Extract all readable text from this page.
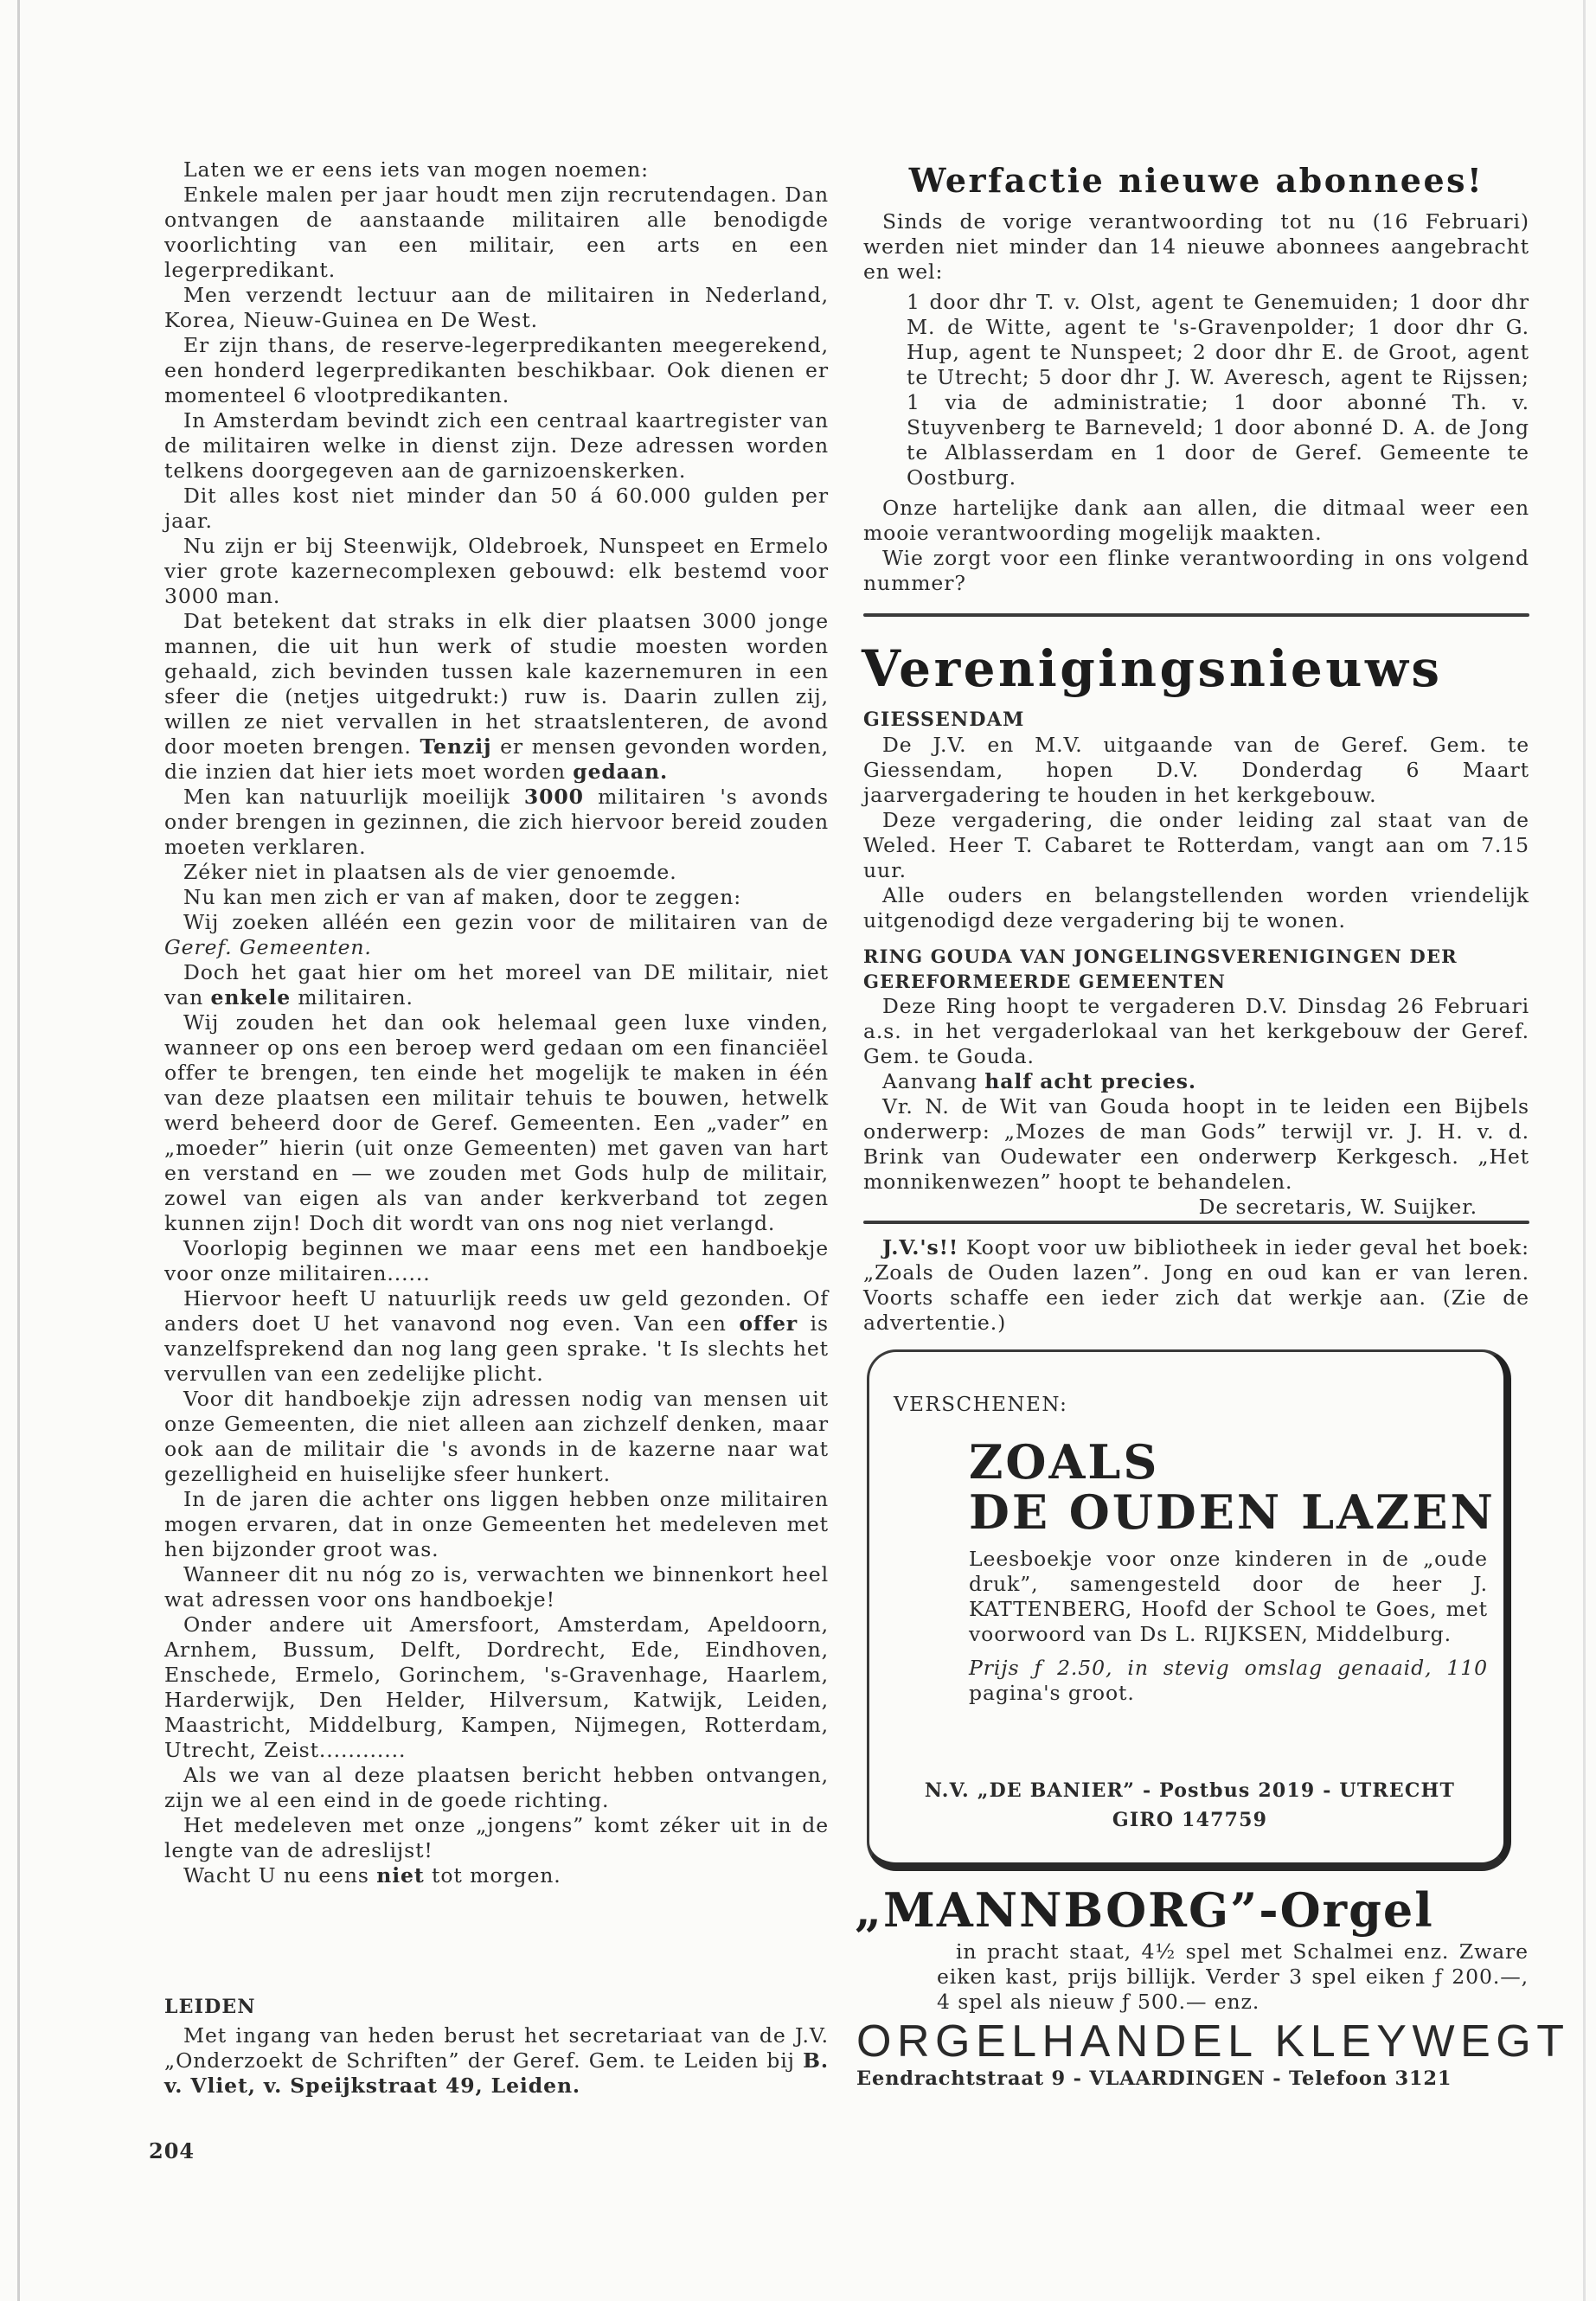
Laten we er eens iets van mogen noemen:

Enkele malen per jaar houdt men zijn recrutendagen. Dan ontvangen de aanstaande militairen alle benodigde voorlichting van een militair, een arts en een legerpredikant.

Men verzendt lectuur aan de militairen in Nederland, Korea, Nieuw-Guinea en De West.

Er zijn thans, de reserve-legerpredikanten meegerekend, een honderd legerpredikanten beschikbaar. Ook dienen er momenteel 6 vlootpredikanten.

In Amsterdam bevindt zich een centraal kaartregister van de militairen welke in dienst zijn. Deze adressen worden telkens doorgegeven aan de garnizoenskerken.

Dit alles kost niet minder dan 50 á 60.000 gulden per jaar.

Nu zijn er bij Steenwijk, Oldebroek, Nunspeet en Ermelo vier grote kazernecomplexen gebouwd: elk bestemd voor 3000 man.

Dat betekent dat straks in elk dier plaatsen 3000 jonge mannen, die uit hun werk of studie moesten worden gehaald, zich bevinden tussen kale kazernemuren in een sfeer die (netjes uitgedrukt:) ruw is. Daarin zullen zij, willen ze niet vervallen in het straatslenteren, de avond door moeten brengen. Tenzij er mensen gevonden worden, die inzien dat hier iets moet worden gedaan.

Men kan natuurlijk moeilijk 3000 militairen 's avonds onder brengen in gezinnen, die zich hiervoor bereid zouden moeten verklaren.

Zéker niet in plaatsen als de vier genoemde.

Nu kan men zich er van af maken, door te zeggen:

Wij zoeken alléén een gezin voor de militairen van de Geref. Gemeenten.

Doch het gaat hier om het moreel van DE militair, niet van enkele militairen.

Wij zouden het dan ook helemaal geen luxe vinden, wanneer op ons een beroep werd gedaan om een financiëel offer te brengen, ten einde het mogelijk te maken in één van deze plaatsen een militair tehuis te bouwen, hetwelk werd beheerd door de Geref. Gemeenten. Een „vader” en „moeder” hierin (uit onze Gemeenten) met gaven van hart en verstand en — we zouden met Gods hulp de militair, zowel van eigen als van ander kerkverband tot zegen kunnen zijn! Doch dit wordt van ons nog niet verlangd.

Voorlopig beginnen we maar eens met een handboekje voor onze militairen......

Hiervoor heeft U natuurlijk reeds uw geld gezonden. Of anders doet U het vanavond nog even. Van een offer is vanzelfsprekend dan nog lang geen sprake. 't Is slechts het vervullen van een zedelijke plicht.

Voor dit handboekje zijn adressen nodig van mensen uit onze Gemeenten, die niet alleen aan zichzelf denken, maar ook aan de militair die 's avonds in de kazerne naar wat gezelligheid en huiselijke sfeer hunkert.

In de jaren die achter ons liggen hebben onze militairen mogen ervaren, dat in onze Gemeenten het medeleven met hen bijzonder groot was.

Wanneer dit nu nóg zo is, verwachten we binnenkort heel wat adressen voor ons handboekje!

Onder andere uit Amersfoort, Amsterdam, Apeldoorn, Arnhem, Bussum, Delft, Dordrecht, Ede, Eindhoven, Enschede, Ermelo, Gorinchem, 's-Gravenhage, Haarlem, Harderwijk, Den Helder, Hilversum, Katwijk, Leiden, Maastricht, Middelburg, Kampen, Nijmegen, Rotterdam, Utrecht, Zeist............

Als we van al deze plaatsen bericht hebben ontvangen, zijn we al een eind in de goede richting.

Het medeleven met onze „jongens” komt zéker uit in de lengte van de adreslijst!

Wacht U nu eens niet tot morgen.

LEIDEN

Met ingang van heden berust het secretariaat van de J.V. „Onderzoekt de Schriften” der Geref. Gem. te Leiden bij B. v. Vliet, v. Speijkstraat 49, Leiden.

204
Werfactie nieuwe abonnees!

Sinds de vorige verantwoording tot nu (16 Februari) werden niet minder dan 14 nieuwe abonnees aangebracht en wel:

1 door dhr T. v. Olst, agent te Genemuiden; 1 door dhr M. de Witte, agent te 's-Gravenpolder; 1 door dhr G. Hup, agent te Nunspeet; 2 door dhr E. de Groot, agent te Utrecht; 5 door dhr J. W. Averesch, agent te Rijssen; 1 via de administratie; 1 door abonné Th. v. Stuyvenberg te Barneveld; 1 door abonné D. A. de Jong te Alblasserdam en 1 door de Geref. Gemeente te Oostburg.

Onze hartelijke dank aan allen, die ditmaal weer een mooie verantwoording mogelijk maakten.

Wie zorgt voor een flinke verantwoording in ons volgend nummer?

Verenigingsnieuws
GIESSENDAM

De J.V. en M.V. uitgaande van de Geref. Gem. te Giessendam, hopen D.V. Donderdag 6 Maart jaarvergadering te houden in het kerkgebouw.

Deze vergadering, die onder leiding zal staat van de Weled. Heer T. Cabaret te Rotterdam, vangt aan om 7.15 uur.

Alle ouders en belangstellenden worden vriendelijk uitgenodigd deze vergadering bij te wonen.

RING GOUDA VAN JONGELINGSVERENIGINGEN DER GEREFORMEERDE GEMEENTEN

Deze Ring hoopt te vergaderen D.V. Dinsdag 26 Februari a.s. in het vergaderlokaal van het kerkgebouw der Geref. Gem. te Gouda.

Aanvang half acht precies.

Vr. N. de Wit van Gouda hoopt in te leiden een Bijbels onderwerp: „Mozes de man Gods” terwijl vr. J. H. v. d. Brink van Oudewater een onderwerp Kerkgesch. „Het monnikenwezen” hoopt te behandelen.

De secretaris, W. Suijker.

J.V.'s!! Koopt voor uw bibliotheek in ieder geval het boek: „Zoals de Ouden lazen”. Jong en oud kan er van leren. Voorts schaffe een ieder zich dat werkje aan. (Zie de advertentie.)

VERSCHENEN:
ZOALS
DE OUDEN LAZEN

Leesboekje voor onze kinderen in de „oude druk”, samengesteld door de heer J. KATTENBERG, Hoofd der School te Goes, met voorwoord van Ds L. RIJKSEN, Middelburg.

Prijs ƒ 2.50, in stevig omslag genaaid, 110 pagina's groot.

N.V. „DE BANIER” - Postbus 2019 - UTRECHT
GIRO 147759
„MANNBORG”-Orgel

in pracht staat, 4½ spel met Schalmei enz. Zware eiken kast, prijs billijk. Verder 3 spel eiken ƒ 200.—, 4 spel als nieuw ƒ 500.— enz.

ORGELHANDEL KLEYWEGT
Eendrachtstraat 9 - VLAARDINGEN - Telefoon 3121
